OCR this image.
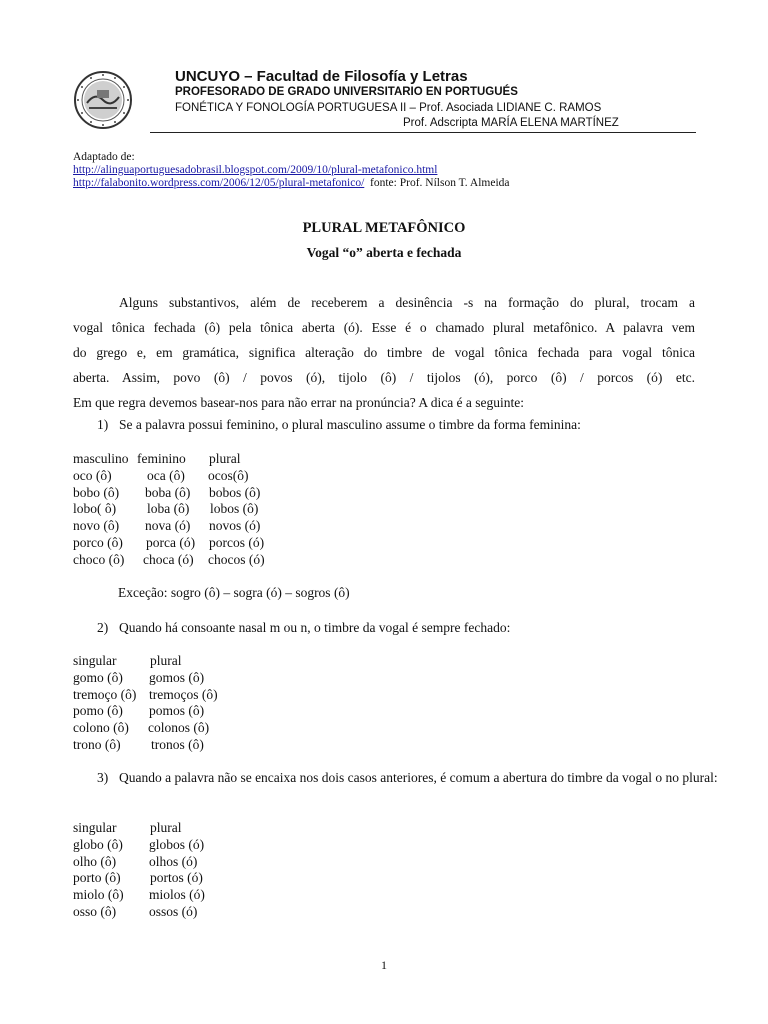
UNCUYO – Facultad de Filosofía y Letras
PROFESORADO DE GRADO UNIVERSITARIO EN PORTUGUÉS
FONÉTICA Y FONOLOGÍA PORTUGUESA II – Prof. Asociada LIDIANE C. RAMOS
Prof. Adscripta MARÍA ELENA MARTÍNEZ
Adaptado de:
http://alinguaportuguesadobrasil.blogspot.com/2009/10/plural-metafonico.html
http://falabonito.wordpress.com/2006/12/05/plural-metafonico/  fonte: Prof. Nílson T. Almeida
PLURAL METAFÔNICO
Vogal “o” aberta e fechada
Alguns substantivos, além de receberem a desinência -s na formação do plural, trocam a
vogal tônica fechada (ô) pela tônica aberta (ó). Esse é o chamado plural metafônico. A palavra vem
do grego e, em gramática, significa alteração do timbre de vogal tônica fechada para vogal tônica
aberta. Assim, povo (ô) / povos (ó), tijolo (ô) / tijolos (ó), porco (ô) / porcos (ó) etc.
Em que regra devemos basear-nos para não errar na pronúncia? A dica é a seguinte:
1) Se a palavra possui feminino, o plural masculino assume o timbre da forma feminina:
masculino feminino plural
oco (ô)	oca (ô) ocos(ô)
bobo (ô) boba (ô) bobos (ô)
lobo( ô) loba (ô) lobos (ô)
novo (ô) nova (ó) novos (ó)
porco (ô) porca (ó) porcos (ó)
choco (ô) choca (ó) chocos (ó)
Exceção: sogro (ô) – sogra (ó) – sogros (ô)
2) Quando há consoante nasal m ou n, o timbre da vogal é sempre fechado:
singular plural
gomo (ô) gomos (ô)
tremoço (ô) tremoços (ô)
pomo (ô) pomos (ô)
colono (ô) colonos (ô)
trono (ô) tronos (ô)
3) Quando a palavra não se encaixa nos dois casos anteriores, é comum a abertura do timbre da vogal o no plural:
singular plural
globo (ô) globos (ó)
olho (ô) olhos (ó)
porto (ô) portos (ó)
miolo (ô) miolos (ó)
osso (ô) ossos (ó)
1
